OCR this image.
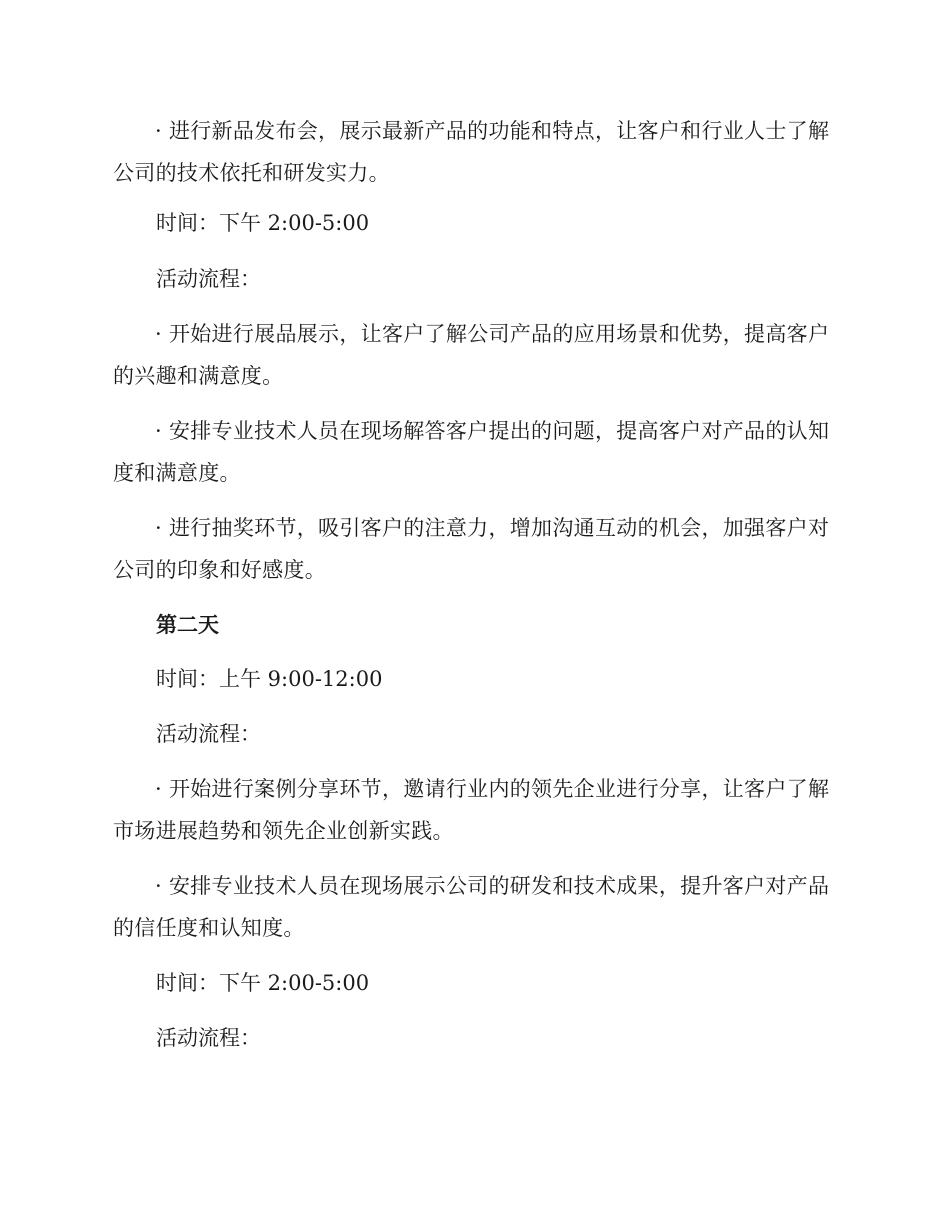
· 进行新品发布会，展示最新产品的功能和特点，让客户和行业人士了解公司的技术依托和研发实力。

时间：下午 2:00-5:00
活动流程：

· 开始进行展品展示，让客户了解公司产品的应用场景和优势，提高客户的兴趣和满意度。

· 安排专业技术人员在现场解答客户提出的问题，提高客户对产品的认知度和满意度。

· 进行抽奖环节，吸引客户的注意力，增加沟通互动的机会，加强客户对公司的印象和好感度。

第二天
时间：上午 9:00-12:00
活动流程：

· 开始进行案例分享环节，邀请行业内的领先企业进行分享，让客户了解市场进展趋势和领先企业创新实践。

· 安排专业技术人员在现场展示公司的研发和技术成果，提升客户对产品的信任度和认知度。

时间：下午 2:00-5:00
活动流程：
